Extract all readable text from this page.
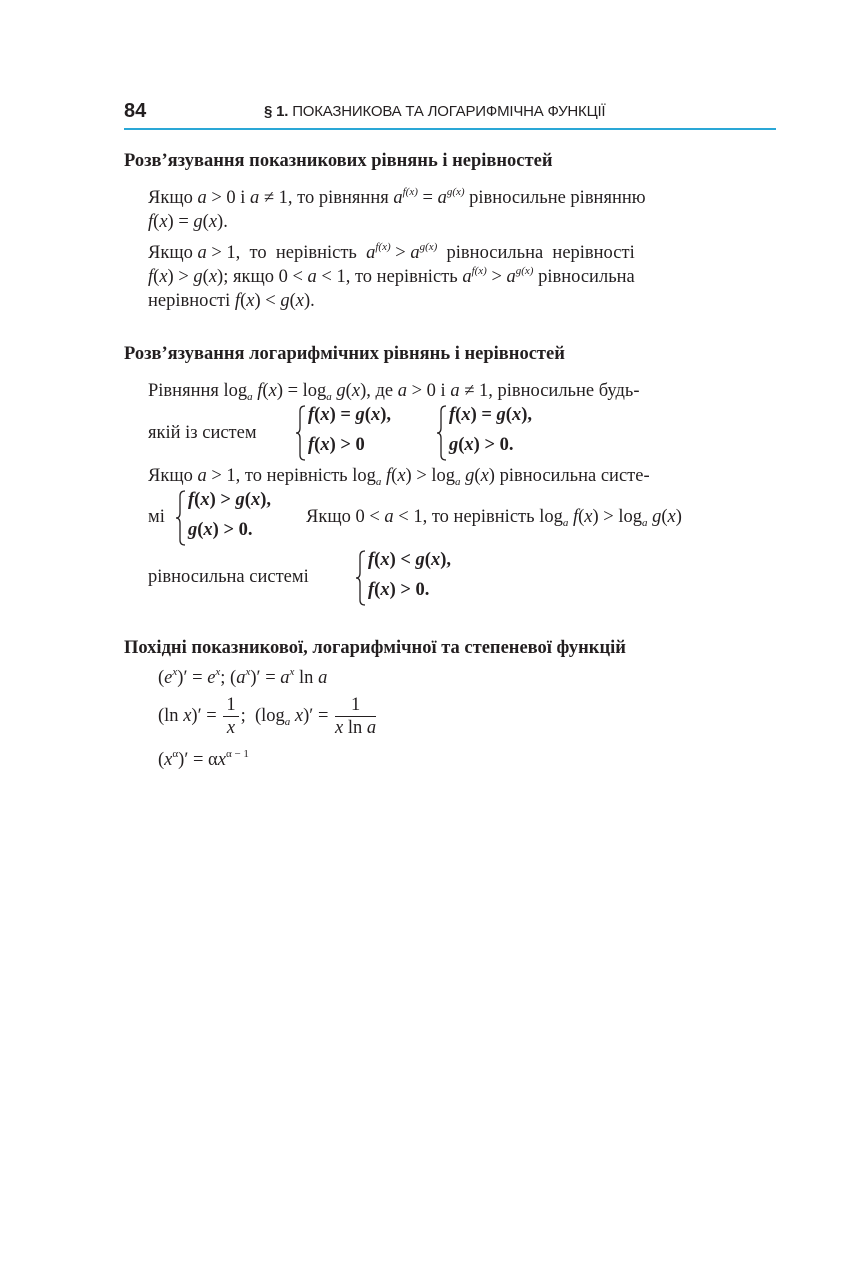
84	§ 1. ПОКАЗНИКОВА ТА ЛОГАРИФМІЧНА ФУНКЦІЇ
Розв’язування показникових рівнянь і нерівностей
Якщо a > 0 і a ≠ 1, то рівняння $a^{f(x)} = a^{g(x)}$ рівносильне рівнянню
f(x) = g(x).
Якщо a > 1,  то  нерівність  $a^{f(x)} > a^{g(x)}$  рівносильна  нерівності
f(x) > g(x); якщо 0 < a < 1, то нерівність $a^{f(x)} > a^{g(x)}$ рівносильна
нерівності f(x) < g(x).
Розв’язування логарифмічних рівнянь і нерівностей
Рівняння $\log_a f(x) = \log_a g(x)$, де a > 0 і a ≠ 1, рівносильне будь-
якій із систем
f(x) = g(x),
f(x) > 0
f(x) = g(x),
g(x) > 0.
Якщо a > 1, то нерівність $\log_a f(x) > \log_a g(x)$ рівносильна систе-
мі
f(x) > g(x),
g(x) > 0.
Якщо 0 < a < 1, то нерівність $\log_a f(x) > \log_a g(x)$
рівносильна системі
f(x) < g(x),
f(x) > 0.
Похідні показникової, логарифмічної та степеневої функцій
$(e^x)' = e^x$; $(a^x)' = a^x$ ln a
(ln $x)' = \frac{1}{x}$ ;  ($\log_a$ $x)' = \frac{1}{\text{x ln a}}$
$(x^\alpha)' = \alpha x^{\alpha - 1}$
